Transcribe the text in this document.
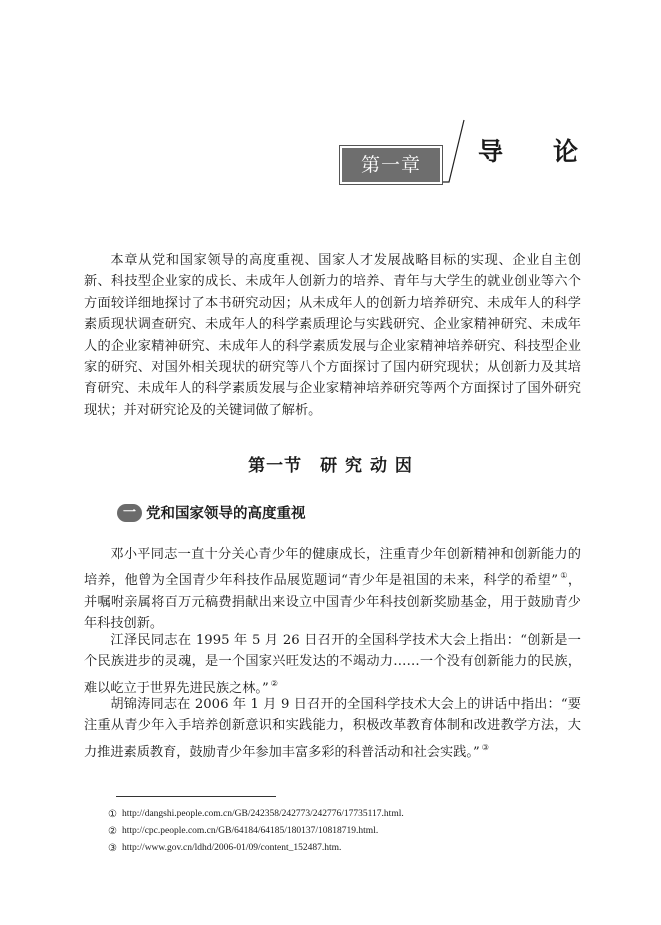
第一章	导 论

本章从党和国家领导的高度重视、国家人才发展战略目标的实现、企业自主创新、科技型企业家的成长、未成年人创新力的培养、青年与大学生的就业创业等六个方面较详细地探讨了本书研究动因；从未成年人的创新力培养研究、未成年人的科学素质现状调查研究、未成年人的科学素质理论与实践研究、企业家精神研究、未成年人的企业家精神研究、未成年人的科学素质发展与企业家精神培养研究、科技型企业家的研究、对国外相关现状的研究等八个方面探讨了国内研究现状；从创新力及其培育研究、未成年人的科学素质发展与企业家精神培养研究等两个方面探讨了国外研究现状；并对研究论及的关键词做了解析。

第一节　研 究 动 因
一 党和国家领导的高度重视

邓小平同志一直十分关心青少年的健康成长，注重青少年创新精神和创新能力的培养，他曾为全国青少年科技作品展览题词“青少年是祖国的未来，科学的希望” ①，并嘱咐亲属将百万元稿费捐献出来设立中国青少年科技创新奖励基金，用于鼓励青少年科技创新。

江泽民同志在 1995 年 5 月 26 日召开的全国科学技术大会上指出：“创新是一个民族进步的灵魂，是一个国家兴旺发达的不竭动力……一个没有创新能力的民族，难以屹立于世界先进民族之林。” ②

胡锦涛同志在 2006 年 1 月 9 日召开的全国科学技术大会上的讲话中指出：“要注重从青少年入手培养创新意识和实践能力，积极改革教育体制和改进教学方法，大力推进素质教育，鼓励青少年参加丰富多彩的科普活动和社会实践。” ③

① http://dangshi.people.com.cn/GB/242358/242773/242776/17735117.html.
② http://cpc.people.com.cn/GB/64184/64185/180137/10818719.html.
③ http://www.gov.cn/ldhd/2006-01/09/content_152487.htm.
